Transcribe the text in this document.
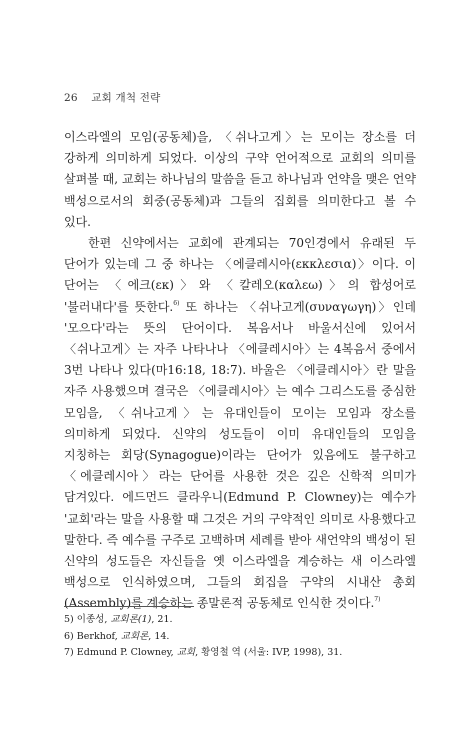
26 교회 개척 전략

이스라엘의 모임(공동체)을, 〈쉬나고게〉는 모이는 장소를 더 강하게 의미하게 되었다. 이상의 구약 언어적으로 교회의 의미를 살펴볼 때, 교회는 하나님의 말씀을 듣고 하나님과 언약을 맺은 언약 백성으로서의 회중(공동체)과 그들의 집회를 의미한다고 볼 수 있다.

한편 신약에서는 교회에 관계되는 70인경에서 유래된 두 단어가 있는데 그 중 하나는 〈에클레시아(εκκλεσια)〉이다. 이 단어는 〈에크(εκ)〉와 〈칼레오(καλεω)〉의 합성어로 '불러내다'를 뜻한다.$^{6)}$ 또 하나는 〈쉬나고게(συναγωγη)〉인데 '모으다'라는 뜻의 단어이다. 복음서나 바울서신에 있어서 〈쉬나고게〉는 자주 나타나나 〈에클레시아〉는 4복음서 중에서 3번 나타나 있다(마16:18, 18:7). 바울은 〈에클레시아〉란 말을 자주 사용했으며 결국은 〈에클레시아〉는 예수 그리스도를 중심한 모임을, 〈쉬나고게〉는 유대인들이 모이는 모임과 장소를 의미하게 되었다. 신약의 성도들이 이미 유대인들의 모임을 지칭하는 회당(Synagogue)이라는 단어가 있음에도 불구하고 〈에클레시아〉라는 단어를 사용한 것은 깊은 신학적 의미가 담겨있다. 에드먼드 클라우니(Edmund P. Clowney)는 예수가 '교회'라는 말을 사용할 때 그것은 거의 구약적인 의미로 사용했다고 말한다. 즉 예수를 구주로 고백하며 세례를 받아 새언약의 백성이 된 신약의 성도들은 자신들을 옛 이스라엘을 계승하는 새 이스라엘 백성으로 인식하였으며, 그들의 회집을 구약의 시내산 총회(Assembly)를 계승하는 종말론적 공동체로 인식한 것이다.$^{7)}$

5) 이종성, 교회론(1), 21.
6) Berkhof, 교회론, 14.
7) Edmund P. Clowney, 교회, 황영철 역 (서울: IVP, 1998), 31.
